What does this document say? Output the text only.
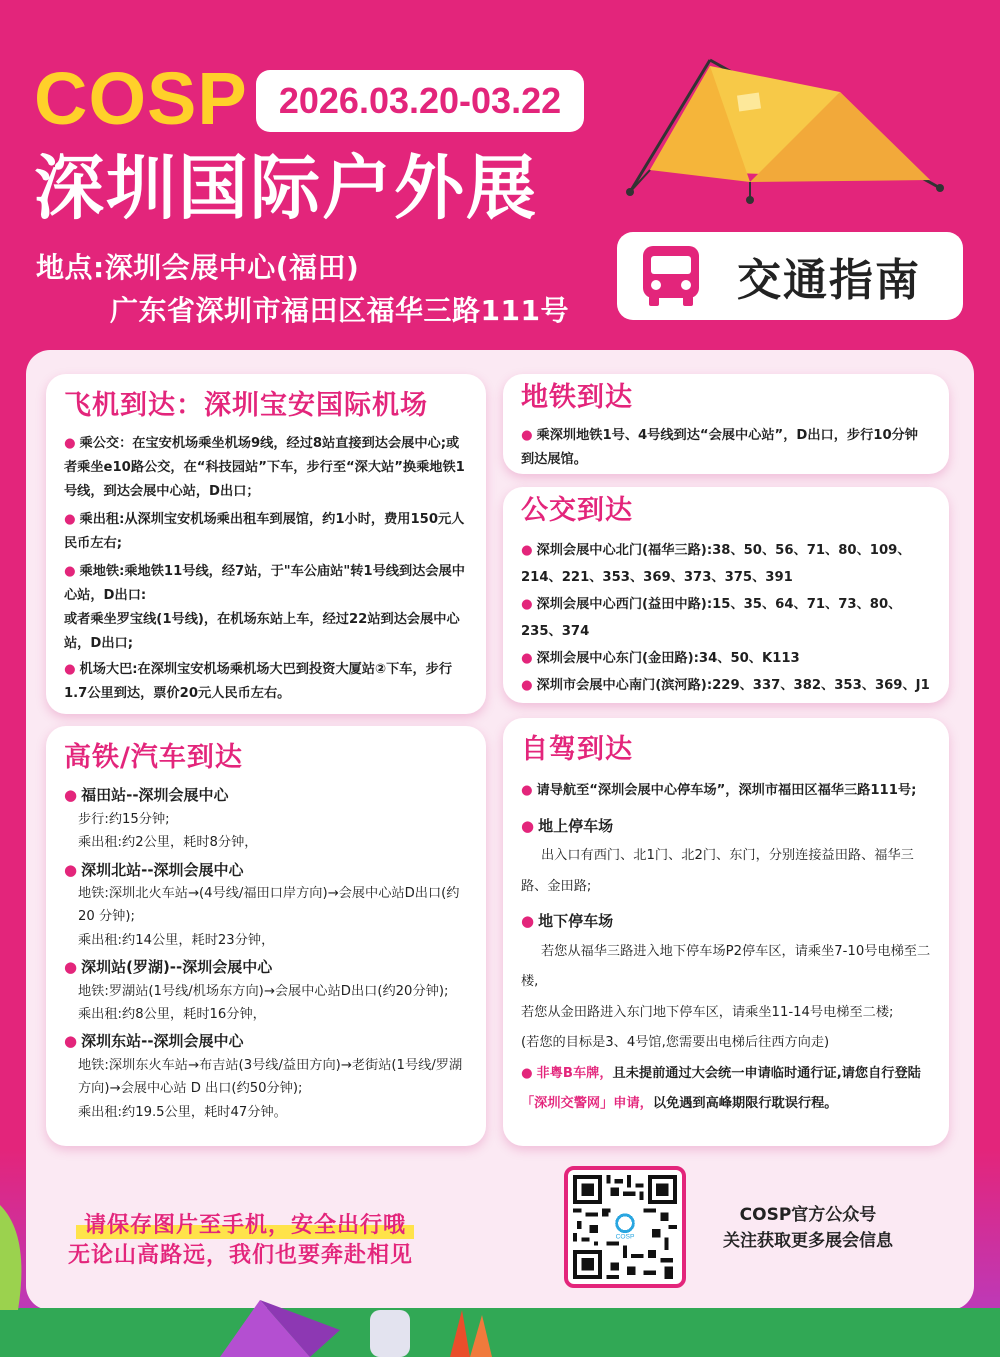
COSP 2026.03.20-03.22
深圳国际户外展
地点:深圳会展中心(福田)
广东省深圳市福田区福华三路111号
交通指南
飞机到达：深圳宝安国际机场

● 乘公交：在宝安机场乘坐机场9线，经过8站直接到达会展中心;或者乘坐e10路公交，在“科技园站”下车，步行至“深大站”换乘地铁1号线，到达会展中心站，D出口；

● 乘出租:从深圳宝安机场乘出租车到展馆，约1小时，费用150元人民币左右;

● 乘地铁:乘地铁11号线，经7站，于"车公庙站"转1号线到达会展中心站，D出口:

或者乘坐罗宝线(1号线)，在机场东站上车，经过22站到达会展中心站，D出口;

● 机场大巴:在深圳宝安机场乘机场大巴到投资大厦站②下车，步行1.7公里到达，票价20元人民币左右。

地铁到达

● 乘深圳地铁1号、4号线到达“会展中心站”，D出口，步行10分钟到达展馆。

公交到达

● 深圳会展中心北门(福华三路):38、50、56、71、80、109、214、221、353、369、373、375、391

● 深圳会展中心西门(益田中路):15、35、64、71、73、80、235、374

● 深圳会展中心东门(金田路):34、50、K113

● 深圳市会展中心南门(滨河路):229、337、382、353、369、J1

高铁/汽车到达

● 福田站--深圳会展中心

步行:约15分钟;

乘出租:约2公里，耗时8分钟，

● 深圳北站--深圳会展中心

地铁:深圳北火车站→(4号线/福田口岸方向)→会展中心站D出口(约 20 分钟);

乘出租:约14公里，耗时23分钟，

● 深圳站(罗湖)--深圳会展中心

地铁:罗湖站(1号线/机场东方向)→会展中心站D出口(约20分钟);

乘出租:约8公里，耗时16分钟，

● 深圳东站--深圳会展中心

地铁:深圳东火车站→布吉站(3号线/益田方向)→老街站(1号线/罗湖方向)→会展中心站 D 出口(约50分钟);

乘出租:约19.5公里，耗时47分钟。

自驾到达

● 请导航至“深圳会展中心停车场”，深圳市福田区福华三路111号;

● 地上停车场

出入口有西门、北1门、北2门、东门，分别连接益田路、福华三路、金田路;

● 地下停车场

若您从福华三路进入地下停车场P2停车区，请乘坐7-10号电梯至二楼,

若您从金田路进入东门地下停车区，请乘坐11-14号电梯至二楼;

(若您的目标是3、4号馆,您需要出电梯后往西方向走)

● 非粤B车牌，且未提前通过大会统一申请临时通行证,请您自行登陆「深圳交警网」申请，以免遇到高峰期限行耽误行程。

请保存图片至手机，安全出行哦
无论山高路远，我们也要奔赴相见
COSP
COSP官方公众号
关注获取更多展会信息
